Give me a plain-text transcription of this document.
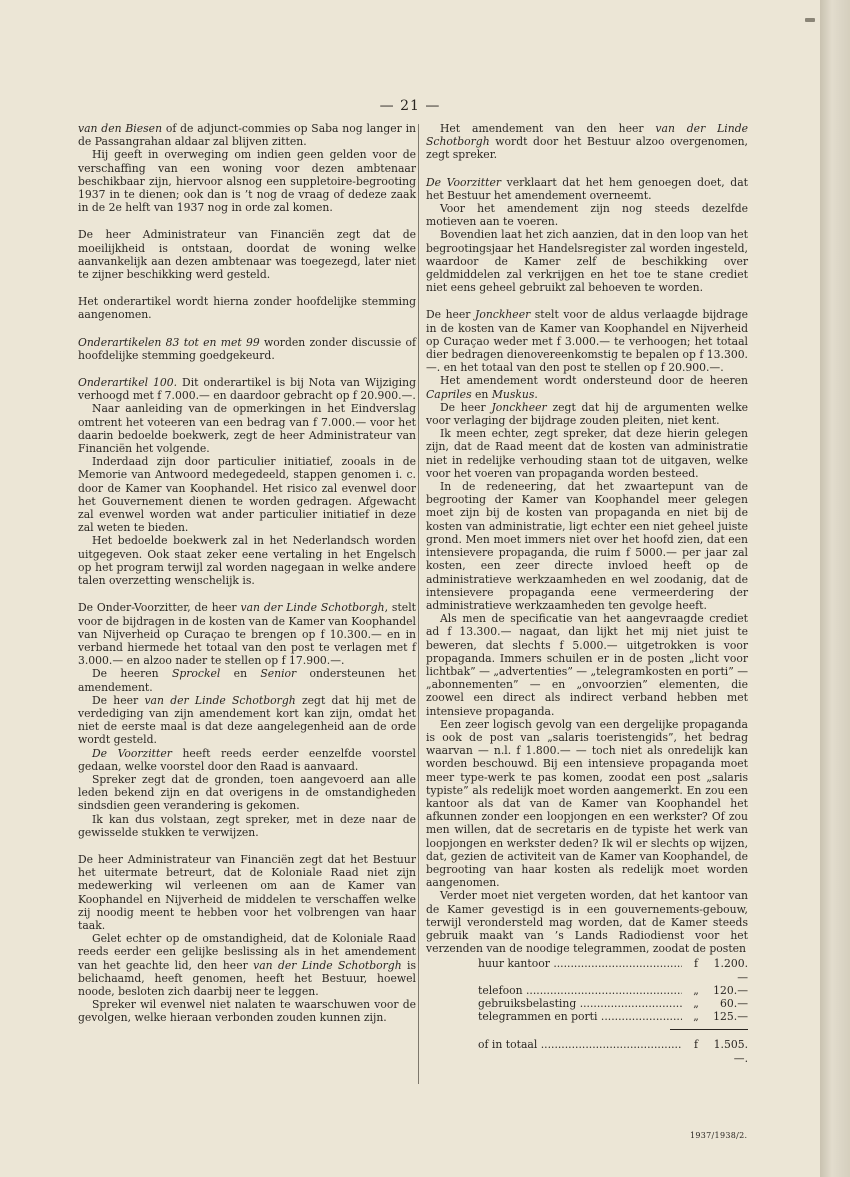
— 21 —

van den Biesen of de adjunct-commies op Saba nog langer in de Passangrahan aldaar zal blijven zitten.

Hij geeft in overweging om indien geen gelden voor de verschaffing van een woning voor dezen ambtenaar beschikbaar zijn, hiervoor alsnog een suppletoire-begrooting 1937 in te dienen; ook dan is ’t nog de vraag of dedeze zaak in de 2e helft van 1937 nog in orde zal komen.

De heer Administrateur van Financiën zegt dat de moeilijkheid is ontstaan, doordat de woning welke aanvankelijk aan dezen ambtenaar was toegezegd, later niet te zijner beschikking werd gesteld.

Het onderartikel wordt hierna zonder hoofdelijke stemming aangenomen.

Onderartikelen 83 tot en met 99 worden zonder discussie of hoofdelijke stemming goedgekeurd.

Onderartikel 100. Dit onderartikel is bij Nota van Wijziging verhoogd met f 7.000.— en daardoor gebracht op f 20.900.—.

Naar aanleiding van de opmerkingen in het Eindverslag omtrent het voteeren van een bedrag van f 7.000.— voor het daarin bedoelde boekwerk, zegt de heer Administrateur van Financiën het volgende.

Inderdaad zijn door particulier initiatief, zooals in de Memorie van Antwoord medegedeeld, stappen genomen i. c. door de Kamer van Koophandel. Het risico zal evenwel door het Gouvernement dienen te worden gedragen. Afgewacht zal evenwel worden wat ander particulier initiatief in deze zal weten te bieden.

Het bedoelde boekwerk zal in het Nederlandsch worden uitgegeven. Ook staat zeker eene vertaling in het Engelsch op het program terwijl zal worden nagegaan in welke andere talen overzetting wenschelijk is.

De Onder-Voorzitter, de heer van der Linde Schotborgh, stelt voor de bijdragen in de kosten van de Kamer van Koophandel van Nijverheid op Curaçao te brengen op f 10.300.— en in verband hiermede het totaal van den post te verlagen met f 3.000.— en alzoo nader te stellen op f 17.900.—.

De heeren Sprockel en Senior ondersteunen het amendement.

De heer van der Linde Schotborgh zegt dat hij met de verdediging van zijn amendement kort kan zijn, omdat het niet de eerste maal is dat deze aangelegenheid aan de orde wordt gesteld.

De Voorzitter heeft reeds eerder eenzelfde voorstel gedaan, welke voorstel door den Raad is aanvaard.

Spreker zegt dat de gronden, toen aangevoerd aan alle leden bekend zijn en dat overigens in de omstandigheden sindsdien geen verandering is gekomen.

Ik kan dus volstaan, zegt spreker, met in deze naar de gewisselde stukken te verwijzen.

De heer Administrateur van Financiën zegt dat het Bestuur het uitermate betreurt, dat de Koloniale Raad niet zijn medewerking wil verleenen om aan de Kamer van Koophandel en Nijverheid de middelen te verschaffen welke zij noodig meent te hebben voor het volbrengen van haar taak.

Gelet echter op de omstandigheid, dat de Koloniale Raad reeds eerder een gelijke beslissing als in het amendement van het geachte lid, den heer van der Linde Schotborgh is belichaamd, heeft genomen, heeft het Bestuur, hoewel noode, besloten zich daarbij neer te leggen.

Spreker wil evenwel niet nalaten te waarschuwen voor de gevolgen, welke hieraan verbonden zouden kunnen zijn.

Het amendement van den heer van der Linde Schotborgh wordt door het Bestuur alzoo overgenomen, zegt spreker.

De Voorzitter verklaart dat het hem genoegen doet, dat het Bestuur het amendement overneemt.

Voor het amendement zijn nog steeds dezelfde motieven aan te voeren.

Bovendien laat het zich aanzien, dat in den loop van het begrootingsjaar het Handelsregister zal worden ingesteld, waardoor de Kamer zelf de beschikking over geldmiddelen zal verkrijgen en het toe te stane crediet niet eens geheel gebruikt zal behoeven te worden.

De heer Jonckheer stelt voor de aldus verlaagde bijdrage in de kosten van de Kamer van Koophandel en Nijverheid op Curaçao weder met f 3.000.— te verhoogen; het totaal dier bedragen dienovereenkomstig te bepalen op f 13.300.—. en het totaal van den post te stellen op f 20.900.—.

Het amendement wordt ondersteund door de heeren Capriles en Muskus.

De heer Jonckheer zegt dat hij de argumenten welke voor verlaging der bijdrage zouden pleiten, niet kent.

Ik meen echter, zegt spreker, dat deze hierin gelegen zijn, dat de Raad meent dat de kosten van administratie niet in redelijke verhouding staan tot de uitgaven, welke voor het voeren van propaganda worden besteed.

In de redeneering, dat het zwaartepunt van de begrooting der Kamer van Koophandel meer gelegen moet zijn bij de kosten van propaganda en niet bij de kosten van administratie, ligt echter een niet geheel juiste grond. Men moet immers niet over het hoofd zien, dat een intensievere propaganda, die ruim f 5000.— per jaar zal kosten, een zeer directe invloed heeft op de administratieve werkzaamheden en wel zoodanig, dat de intensievere propaganda eene vermeerdering der administratieve werkzaamheden ten gevolge heeft.

Als men de specificatie van het aangevraagde crediet ad f 13.300.— nagaat, dan lijkt het mij niet juist te beweren, dat slechts f 5.000.— uitgetrokken is voor propaganda. Immers schuilen er in de posten „licht voor lichtbak” — „advertenties” — „telegramkosten en porti” — „abonnementen” — en „onvoorzien” elementen, die zoowel een direct als indirect verband hebben met intensieve propaganda.

Een zeer logisch gevolg van een dergelijke propaganda is ook de post van „salaris toeristengids”, het bedrag waarvan — n.l. f 1.800.— — toch niet als onredelijk kan worden beschouwd. Bij een intensieve propaganda moet meer type-werk te pas komen, zoodat een post „salaris typiste” als redelijk moet worden aangemerkt. En zou een kantoor als dat van de Kamer van Koophandel het afkunnen zonder een loopjongen en een werkster? Of zou men willen, dat de secretaris en de typiste het werk van loopjongen en werkster deden? Ik wil er slechts op wijzen, dat, gezien de activiteit van de Kamer van Koophandel, de begrooting van haar kosten als redelijk moet worden aangenomen.

Verder moet niet vergeten worden, dat het kantoor van de Kamer gevestigd is in een gouvernements-gebouw, terwijl verondersteld mag worden, dat de Kamer steeds gebruik maakt van ’s Lands Radiodienst voor het verzenden van de noodige telegrammen, zoodat de posten

huur kantoor .....	f	1.200.—
telefoon .....	„	120.—
gebruiksbelasting .....	„	60.—
telegrammen en porti .....	„	125.—
of in totaal .....	f	1.505.—.
1937/1938/2.
